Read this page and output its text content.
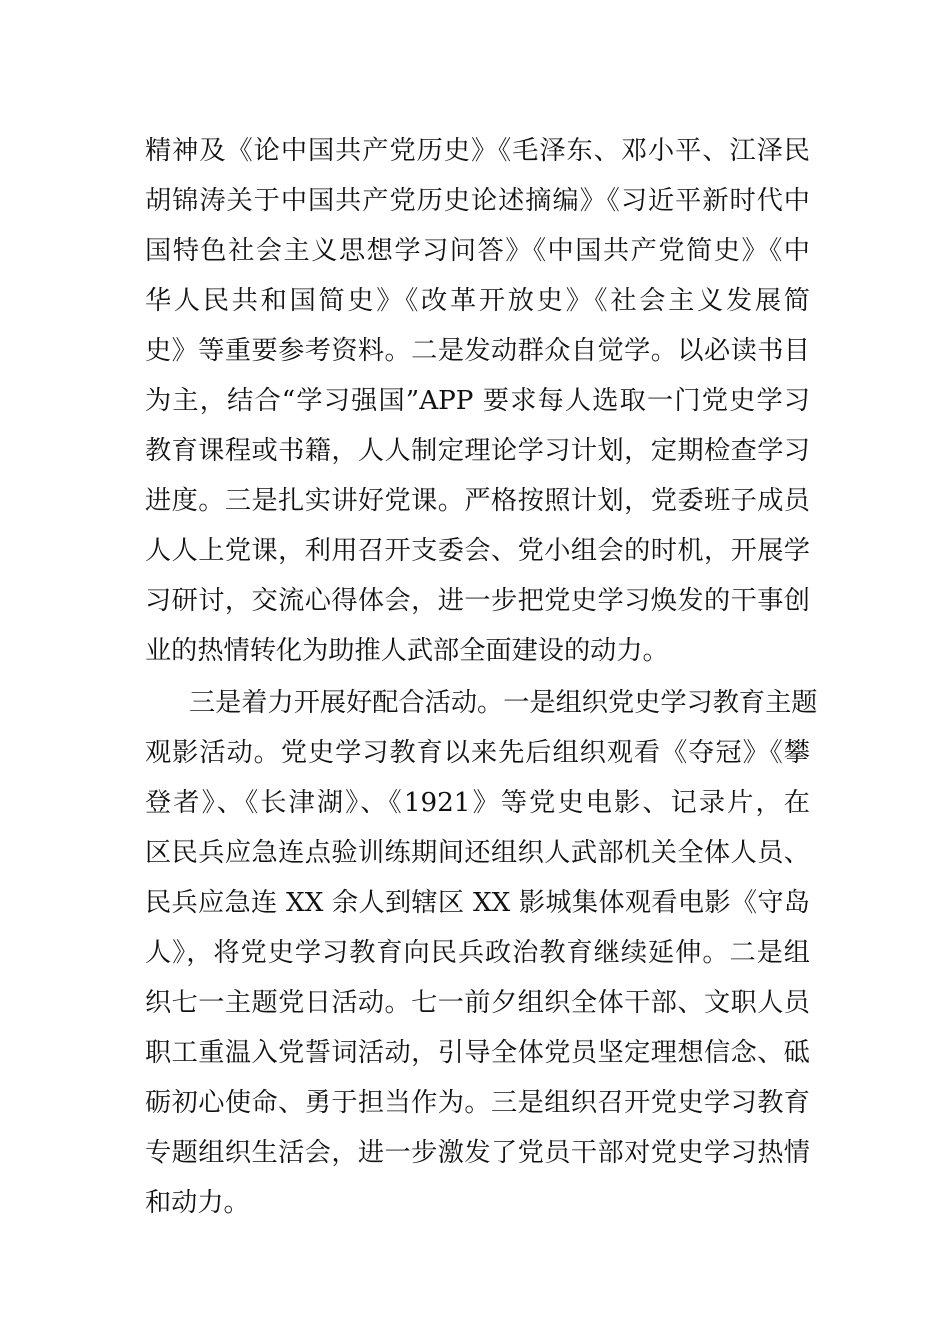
精神及《论中国共产党历史》《毛泽东、邓小平、江泽民
胡锦涛关于中国共产党历史论述摘编》《习近平新时代中
国特色社会主义思想学习问答》《中国共产党简史》《中
华人民共和国简史》《改革开放史》《社会主义发展简
史》等重要参考资料。二是发动群众自觉学。以必读书目
为主，结合“学习强国”APP 要求每人选取一门党史学习
教育课程或书籍，人人制定理论学习计划，定期检查学习
进度。三是扎实讲好党课。严格按照计划，党委班子成员
人人上党课，利用召开支委会、党小组会的时机，开展学
习研讨，交流心得体会，进一步把党史学习焕发的干事创
业的热情转化为助推人武部全面建设的动力。
三是着力开展好配合活动。一是组织党史学习教育主题
观影活动。党史学习教育以来先后组织观看《夺冠》《攀
登者》、《长津湖》、《1921》等党史电影、记录片，在
区民兵应急连点验训练期间还组织人武部机关全体人员、
民兵应急连 XX 余人到辖区 XX 影城集体观看电影《守岛
人》，将党史学习教育向民兵政治教育继续延伸。二是组
织七一主题党日活动。七一前夕组织全体干部、文职人员
职工重温入党誓词活动，引导全体党员坚定理想信念、砥
砺初心使命、勇于担当作为。三是组织召开党史学习教育
专题组织生活会，进一步激发了党员干部对党史学习热情
和动力。
